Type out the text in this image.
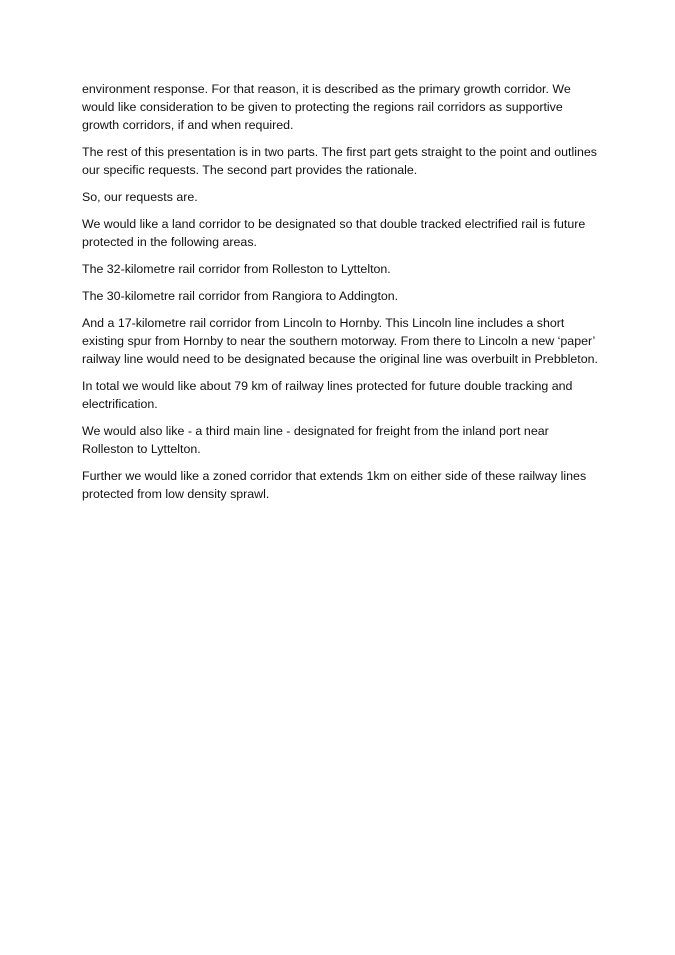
environment response. For that reason, it is described as the primary growth corridor. We would like consideration to be given to protecting the regions rail corridors as supportive growth corridors, if and when required.

The rest of this presentation is in two parts. The first part gets straight to the point and outlines our specific requests. The second part provides the rationale.

So, our requests are.

We would like a land corridor to be designated so that double tracked electrified rail is future protected in the following areas.

The 32-kilometre rail corridor from Rolleston to Lyttelton.

The 30-kilometre rail corridor from Rangiora to Addington.

And a 17-kilometre rail corridor from Lincoln to Hornby. This Lincoln line includes a short existing spur from Hornby to near the southern motorway. From there to Lincoln a new ‘paper’ railway line would need to be designated because the original line was overbuilt in Prebbleton.

In total we would like about 79 km of railway lines protected for future double tracking and electrification.

We would also like - a third main line - designated for freight from the inland port near Rolleston to Lyttelton.

Further we would like a zoned corridor that extends 1km on either side of these railway lines protected from low density sprawl.
